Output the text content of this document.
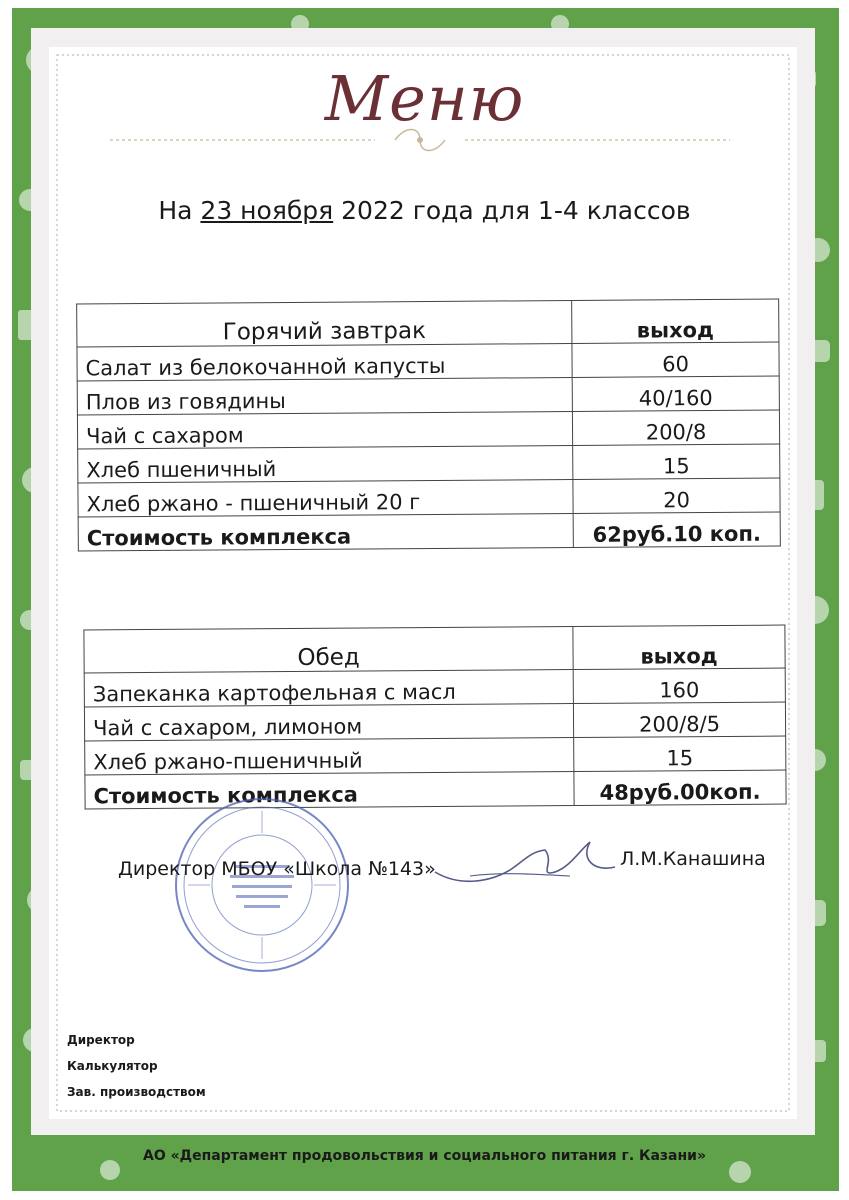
Меню
На 23 ноября 2022 года для 1-4 классов
Горячий завтрак	выход
Салат из белокочанной капусты	60
Плов из говядины	40/160
Чай с сахаром	200/8
Хлеб пшеничный	15
Хлеб ржано - пшеничный 20 г	20
Стоимость комплекса	62руб.10 коп.
Обед	выход
Запеканка картофельная с масл	160
Чай с сахаром, лимоном	200/8/5
Хлеб ржано-пшеничный	15
Стоимость комплекса	48руб.00коп.
Директор МБОУ «Школа №143»	Л.М.Канашина
Директор
Калькулятор
Зав. производством
АО «Департамент продовольствия и социального питания г. Казани»
